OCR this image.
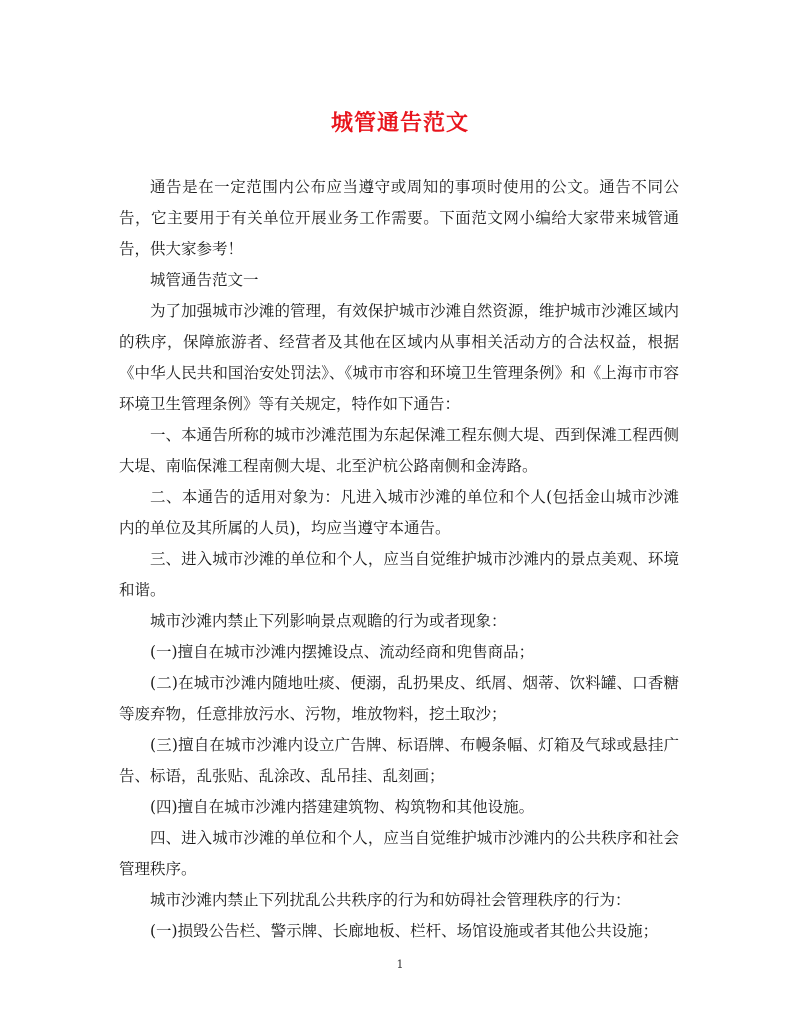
城管通告范文

通告是在一定范围内公布应当遵守或周知的事项时使用的公文。通告不同公告，它主要用于有关单位开展业务工作需要。下面范文网小编给大家带来城管通告，供大家参考！

城管通告范文一

为了加强城市沙滩的管理，有效保护城市沙滩自然资源，维护城市沙滩区域内的秩序，保障旅游者、经营者及其他在区域内从事相关活动方的合法权益，根据《中华人民共和国治安处罚法》、《城市市容和环境卫生管理条例》和《上海市市容环境卫生管理条例》等有关规定，特作如下通告：

一、本通告所称的城市沙滩范围为东起保滩工程东侧大堤、西到保滩工程西侧大堤、南临保滩工程南侧大堤、北至沪杭公路南侧和金涛路。

二、本通告的适用对象为：凡进入城市沙滩的单位和个人(包括金山城市沙滩内的单位及其所属的人员)，均应当遵守本通告。

三、进入城市沙滩的单位和个人，应当自觉维护城市沙滩内的景点美观、环境和谐。

城市沙滩内禁止下列影响景点观瞻的行为或者现象：

(一)擅自在城市沙滩内摆摊设点、流动经商和兜售商品；

(二)在城市沙滩内随地吐痰、便溺，乱扔果皮、纸屑、烟蒂、饮料罐、口香糖等废弃物，任意排放污水、污物，堆放物料，挖土取沙；

(三)擅自在城市沙滩内设立广告牌、标语牌、布幔条幅、灯箱及气球或悬挂广告、标语，乱张贴、乱涂改、乱吊挂、乱刻画；

(四)擅自在城市沙滩内搭建建筑物、构筑物和其他设施。

四、进入城市沙滩的单位和个人，应当自觉维护城市沙滩内的公共秩序和社会管理秩序。

城市沙滩内禁止下列扰乱公共秩序的行为和妨碍社会管理秩序的行为：

(一)损毁公告栏、警示牌、长廊地板、栏杆、场馆设施或者其他公共设施；

1
